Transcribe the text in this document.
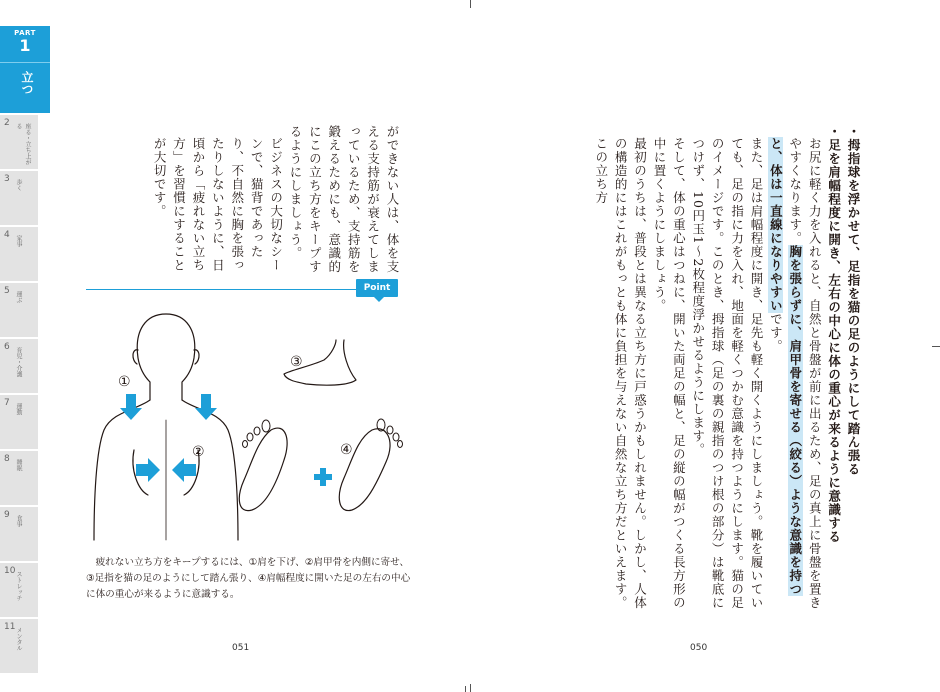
PART
1
立つ
2	座る・立ち上がる
3 歩く
4 家事
5 運ぶ
6 育児・介護
7 運動
8 睡眠
9 食事
10 ストレッチ
11 メンタル

ができない人は、体を支える支持筋が衰えてしまっているため、支持筋を鍛えるためにも、意識的にこの立ち方をキープするようにしましょう。

ビジネスの大切なシーンで、猫背であったり、不自然に胸を張ったりしないように、日頃から「疲れない立ち方」を習慣にすることが大切です。

Point
①
②
③
④
疲れない立ち方をキープするには、①肩を下げ、②肩甲骨を内側に寄せ、③足指を猫の足のようにして踏ん張り、④肩幅程度に開いた足の左右の中心に体の重心が来るように意識する。

・ 拇指球を浮かせて、足指を猫の足のようにして踏ん張る

・ 足を肩幅程度に開き、左右の中心に体の重心が来るように意識する

お尻に軽く力を入れると、自然と骨盤が前に出るため、足の真上に骨盤を置きやすくなります。胸を張らずに、肩甲骨を寄せる（絞る）ような意識を持つと、体は一直線になりやすいです。

また、足は肩幅程度に開き、足先も軽く開くようにしましょう。靴を履いていても、足の指に力を入れ、地面を軽くつかむ意識を持つようにします。猫の足のイメージです。このとき、拇指球（足の裏の親指のつけ根の部分）は靴底につけず、10円玉1〜2枚程度浮かせるようにします。

そして、体の重心はつねに、開いた両足の幅と、足の縦の幅がつくる長方形の中に置くようにしましょう。

最初のうちは、普段とは異なる立ち方に戸惑うかもしれません。しかし、人体の構造的にはこれがもっとも体に負担を与えない自然な立ち方だといえます。この立ち方

051	050
